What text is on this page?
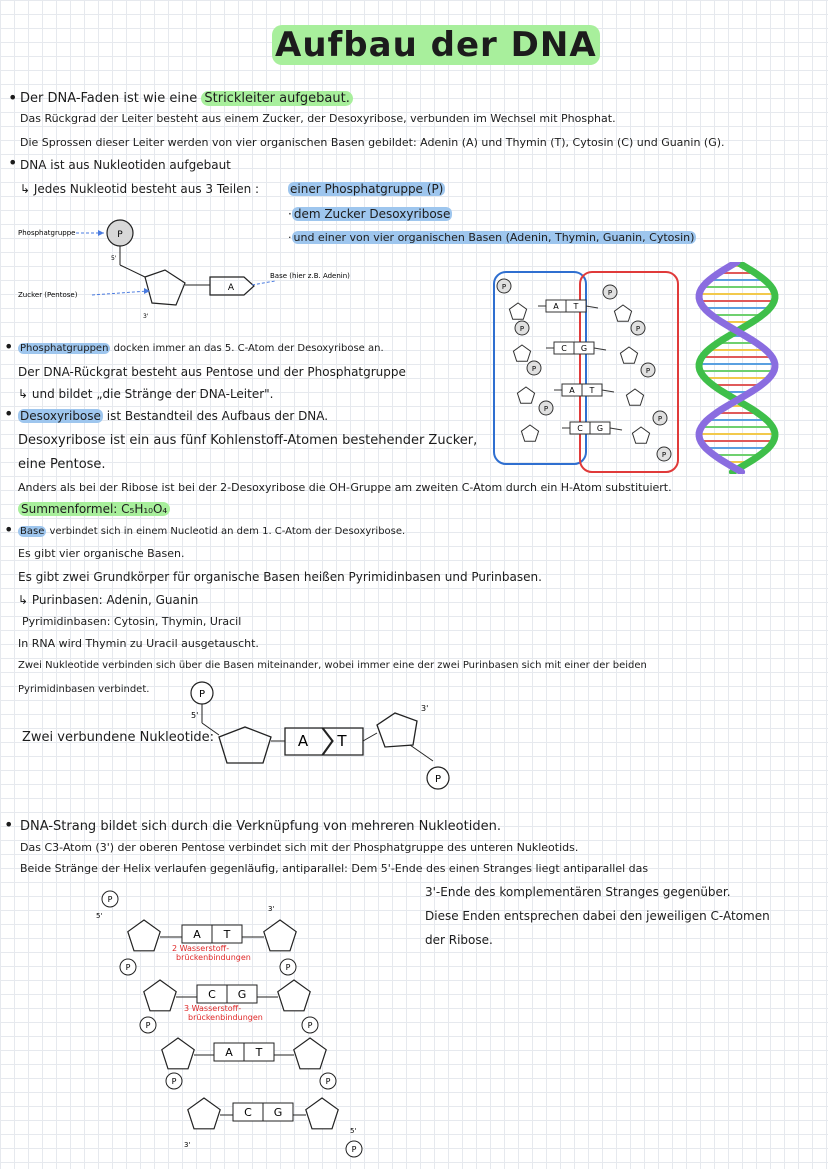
Aufbau der DNA
• Der DNA-Faden ist wie eine Strickleiter aufgebaut.
Das Rückgrad der Leiter besteht aus einem Zucker, der Desoxyribose, verbunden im Wechsel mit Phosphat.
Die Sprossen dieser Leiter werden von vier organischen Basen gebildet: Adenin (A) und Thymin (T), Cytosin (C) und Guanin (G).
• DNA ist aus Nukleotiden aufgebaut
↳ Jedes Nukleotid besteht aus 3 Teilen :	einer Phosphatgruppe (P)
· dem Zucker Desoxyribose
· und einer von vier organischen Basen (Adenin, Thymin, Guanin, Cytosin)
Phosphatgruppe	P
5'
3'
Zucker (Pentose)
A
Base (hier z.B. Adenin)
P
P
P
P
P
P
P
P
P
A T
C G
A T
C G
• Phosphatgruppen docken immer an das 5. C-Atom der Desoxyribose an.
Der DNA-Rückgrat besteht aus Pentose und der Phosphatgruppe
↳ und bildet „die Stränge der DNA-Leiter".
• Desoxyribose ist Bestandteil des Aufbaus der DNA.
Desoxyribose ist ein aus fünf Kohlenstoff-Atomen bestehender Zucker,
eine Pentose.
Anders als bei der Ribose ist bei der 2-Desoxyribose die OH-Gruppe am zweiten C-Atom durch ein H-Atom substituiert.
Summenformel: C₅H₁₀O₄
• Base verbindet sich in einem Nucleotid an dem 1. C-Atom der Desoxyribose.
Es gibt vier organische Basen.
Es gibt zwei Grundkörper für organische Basen heißen Pyrimidinbasen und Purinbasen.
↳ Purinbasen: Adenin, Guanin
Pyrimidinbasen: Cytosin, Thymin, Uracil
In RNA wird Thymin zu Uracil ausgetauscht.
Zwei Nukleotide verbinden sich über die Basen miteinander, wobei immer eine der zwei Purinbasen sich mit einer der beiden
Pyrimidinbasen verbindet.
Zwei verbundene Nukleotide:
P
5'
A T
3'
P
• DNA-Strang bildet sich durch die Verknüpfung von mehreren Nukleotiden.
Das C3-Atom (3') der oberen Pentose verbindet sich mit der Phosphatgruppe des unteren Nukleotids.
Beide Stränge der Helix verlaufen gegenläufig, antiparallel: Dem 5'-Ende des einen Stranges liegt antiparallel das
3'-Ende des komplementären Stranges gegenüber.
Diese Enden entsprechen dabei den jeweiligen C-Atomen
der Ribose.
P
5'
3'
A T
P	P
C G
P	P
A T
P	P
C G
3'
5'
P
2 Wasserstoff-
brückenbindungen
3 Wasserstoff-
brückenbindungen
